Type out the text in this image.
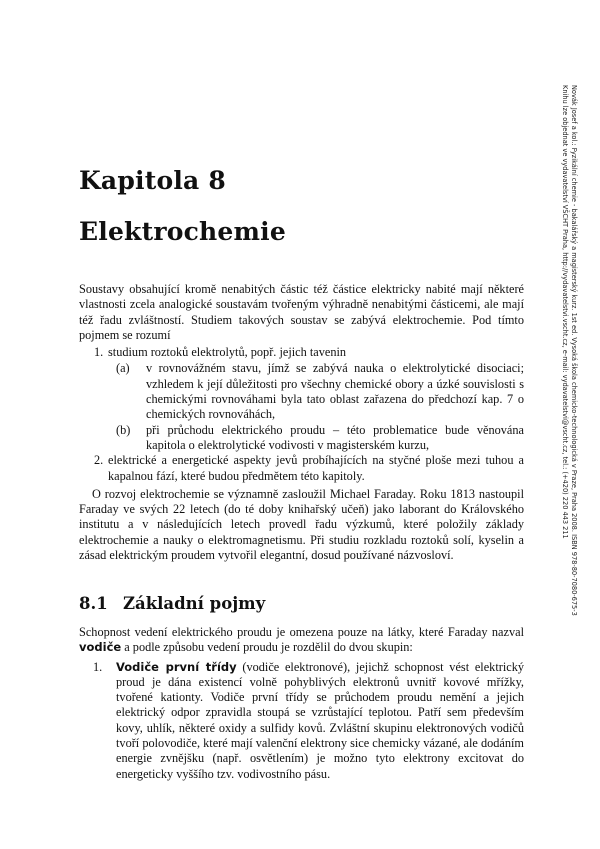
Novák Josef a kol.: Fyzikální chemie - bakalářský a magisterský kurz. 1st ed. Vysoká škola chemicko-technologická v Praze, Praha 2008. ISBN 978-80-7080-675-3
Knihu lze objednat ve vydavatelství VŠCHT Praha, http://vydavatelstvi.vscht.cz, e-mail: vydavatelstvi@vscht.cz, tel.: (+420) 220 443 211
Kapitola 8
Elektrochemie

Soustavy obsahující kromě nenabitých částic též částice elektricky nabité mají některé vlastnosti zcela analogické soustavám tvořeným výhradně nenabitými částicemi, ale mají též řadu zvláštností. Studiem takových soustav se zabývá elektrochemie. Pod tímto pojmem se rozumí

1. studium roztoků elektrolytů, popř. jejich tavenin
(a) v rovnovážném stavu, jímž se zabývá nauka o elektrolytické disociaci; vzhledem k její důležitosti pro všechny chemické obory a úzké souvislosti s chemickými rovnováhami byla tato oblast zařazena do předchozí kap. 7 o chemických rovnováhách,
(b) při průchodu elektrického proudu – této problematice bude věnována kapitola o elektrolytické vodivosti v magisterském kurzu,
2. elektrické a energetické aspekty jevů probíhajících na styčné ploše mezi tuhou a kapalnou fází, které budou předmětem této kapitoly.

O rozvoj elektrochemie se významně zasloužil Michael Faraday. Roku 1813 nastoupil Faraday ve svých 22 letech (do té doby knihařský učeň) jako laborant do Královského institutu a v následujících letech provedl řadu výzkumů, které položily základy elektrochemie a nauky o elektromagnetismu. Při studiu rozkladu roztoků solí, kyselin a zásad elektrickým proudem vytvořil elegantní, dosud používané názvosloví.

8.1 Základní pojmy

Schopnost vedení elektrického proudu je omezena pouze na látky, které Faraday nazval vodiče a podle způsobu vedení proudu je rozdělil do dvou skupin:

1. Vodiče první třídy (vodiče elektronové), jejichž schopnost vést elektrický proud je dána existencí volně pohyblivých elektronů uvnitř kovové mřížky, tvořené kationty. Vodiče první třídy se průchodem proudu nemění a jejich elektrický odpor zpravidla stoupá se vzrůstající teplotou. Patří sem především kovy, uhlík, některé oxidy a sulfidy kovů. Zvláštní skupinu elektronových vodičů tvoří polovodiče, které mají valenční elektrony sice chemicky vázané, ale dodáním energie zvnějšku (např. osvětlením) je možno tyto elektrony excitovat do energeticky vyššího tzv. vodivostního pásu.
